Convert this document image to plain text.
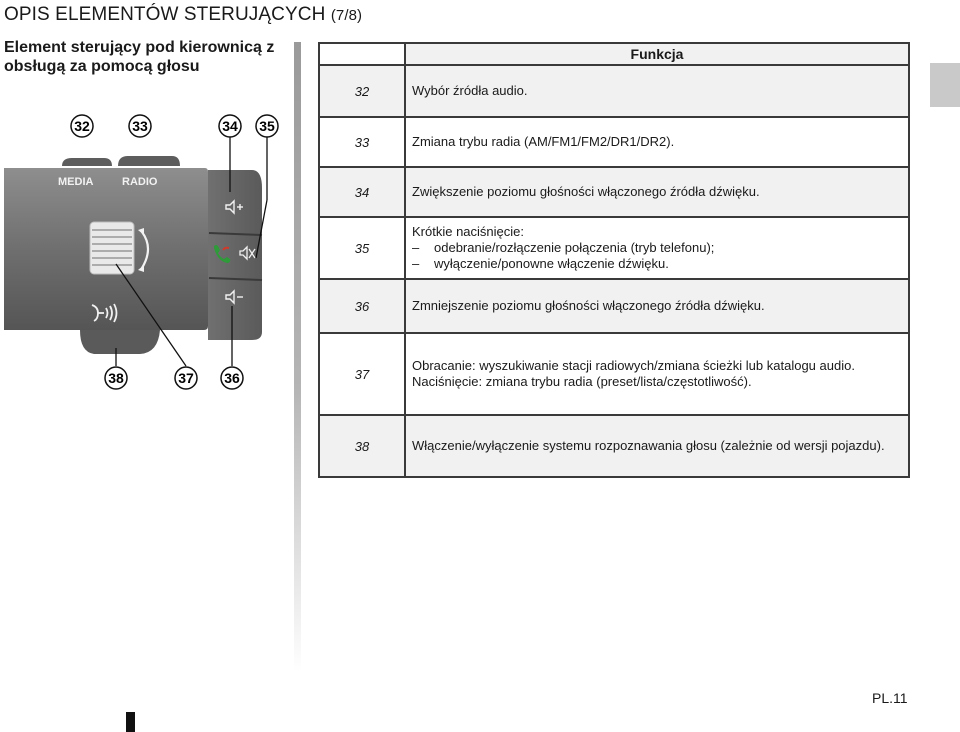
OPIS ELEMENTÓW STERUJĄCYCH (7/8)
Element sterujący pod kierownicą z obsługą za pomocą głosu
32	33	34 35
MEDIA	RADIO
38	37 36
	Funkcja
32	Wybór źródła audio.
33	Zmiana trybu radia (AM/FM1/FM2/DR1/DR2).
34	Zwiększenie poziomu głośności włączonego źródła dźwięku.
35	Krótkie naciśnięcie:
– odebranie/rozłączenie połączenia (tryb telefonu);
– wyłączenie/ponowne włączenie dźwięku.

36	Zmniejszenie poziomu głośności włączonego źródła dźwięku.
37	Obracanie: wyszukiwanie stacji radiowych/zmiana ścieżki lub katalogu audio.
Naciśnięcie: zmiana trybu radia (preset/lista/częstotliwość).

38	Włączenie/wyłączenie systemu rozpoznawania głosu (zależnie od wersji pojazdu).
PL.11
